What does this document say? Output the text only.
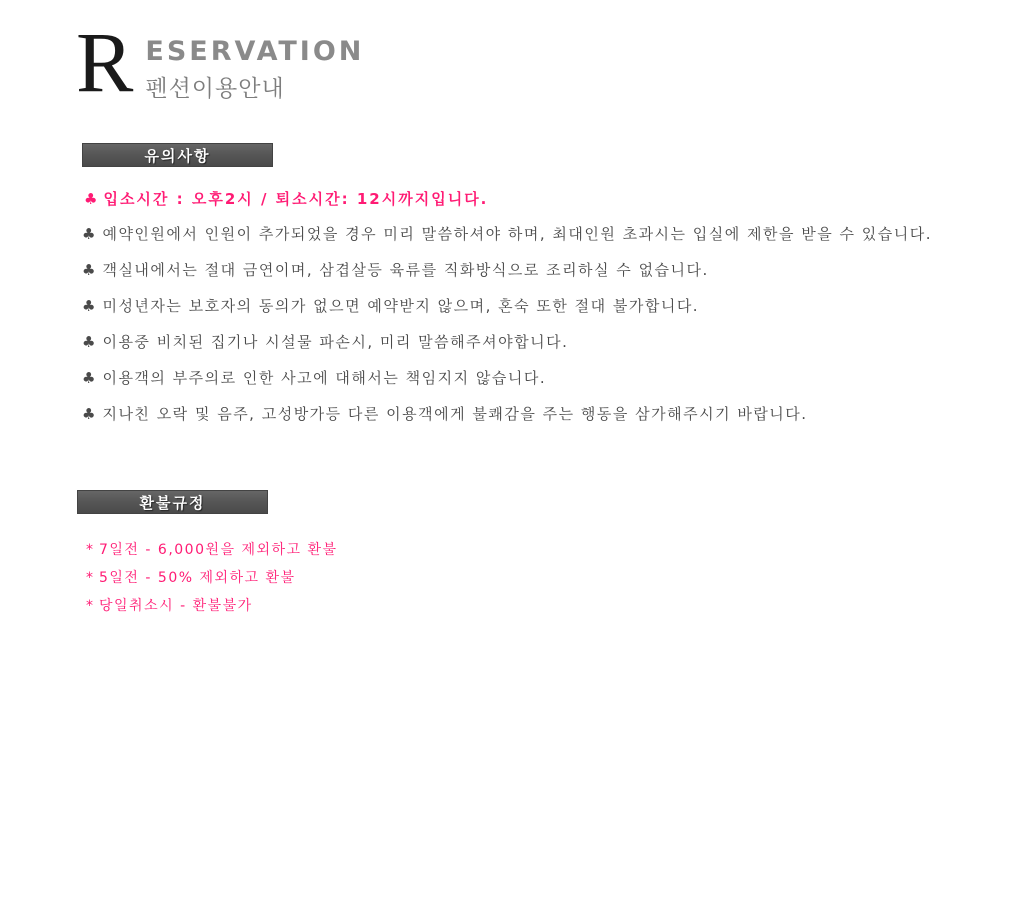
R ESERVATION
펜션이용안내
유의사항
♣ 입소시간 : 오후2시 / 퇴소시간: 12시까지입니다.
♣ 예약인원에서 인원이 추가되었을 경우 미리 말씀하셔야 하며, 최대인원 초과시는 입실에 제한을 받을 수 있습니다.
♣ 객실내에서는 절대 금연이며, 삼겹살등 육류를 직화방식으로 조리하실 수 없습니다.
♣ 미성년자는 보호자의 동의가 없으면 예약받지 않으며, 혼숙 또한 절대 불가합니다.
♣ 이용중 비치된 집기나 시설물 파손시, 미리 말씀해주셔야합니다.
♣ 이용객의 부주의로 인한 사고에 대해서는 책임지지 않습니다.
♣ 지나친 오락 및 음주, 고성방가등 다른 이용객에게 불쾌감을 주는 행동을 삼가해주시기 바랍니다.
환불규정
* 7일전 - 6,000원을 제외하고 환불
* 5일전 - 50% 제외하고 환불
* 당일취소시 - 환불불가
